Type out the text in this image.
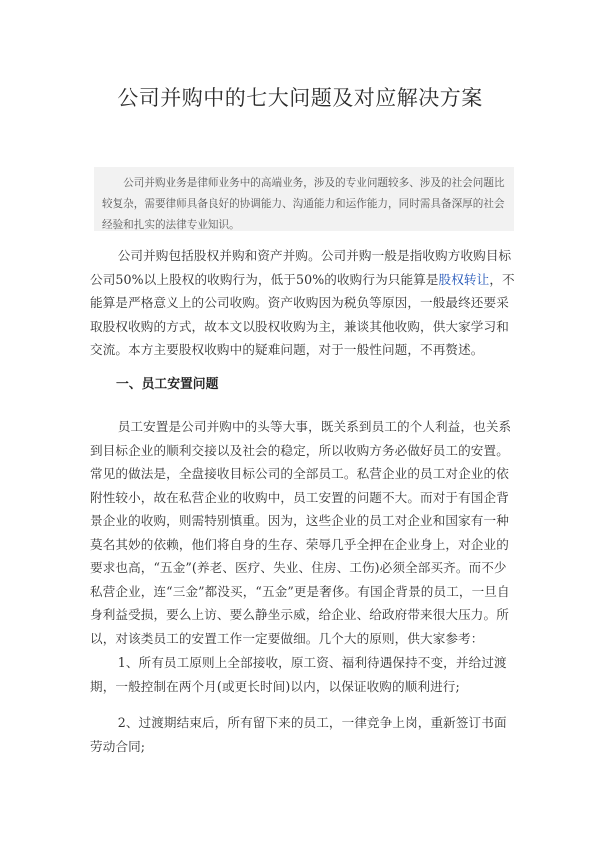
公司并购中的七大问题及对应解决方案

公司并购业务是律师业务中的高端业务，涉及的专业问题较多、涉及的社会问题比较复杂，需要律师具备良好的协调能力、沟通能力和运作能力，同时需具备深厚的社会经验和扎实的法律专业知识。

公司并购包括股权并购和资产并购。公司并购一般是指收购方收购目标公司50%以上股权的收购行为，低于50%的收购行为只能算是股权转让，不能算是严格意义上的公司收购。资产收购因为税负等原因，一般最终还要采取股权收购的方式，故本文以股权收购为主，兼谈其他收购，供大家学习和交流。本方主要股权收购中的疑难问题，对于一般性问题，不再赘述。

一、员工安置问题

员工安置是公司并购中的头等大事，既关系到员工的个人利益，也关系到目标企业的顺利交接以及社会的稳定，所以收购方务必做好员工的安置。常见的做法是，全盘接收目标公司的全部员工。私营企业的员工对企业的依附性较小，故在私营企业的收购中，员工安置的问题不大。而对于有国企背景企业的收购，则需特别慎重。因为，这些企业的员工对企业和国家有一种莫名其妙的依赖，他们将自身的生存、荣辱几乎全押在企业身上，对企业的要求也高，“五金”(养老、医疗、失业、住房、工伤)必须全部买齐。而不少私营企业，连“三金”都没买，“五金”更是奢侈。有国企背景的员工，一旦自身利益受损，要么上访、要么静坐示威，给企业、给政府带来很大压力。所以，对该类员工的安置工作一定要做细。几个大的原则，供大家参考：

1、所有员工原则上全部接收，原工资、福利待遇保持不变，并给过渡期，一般控制在两个月(或更长时间)以内，以保证收购的顺利进行;

2、过渡期结束后，所有留下来的员工，一律竞争上岗，重新签订书面劳动合同;
